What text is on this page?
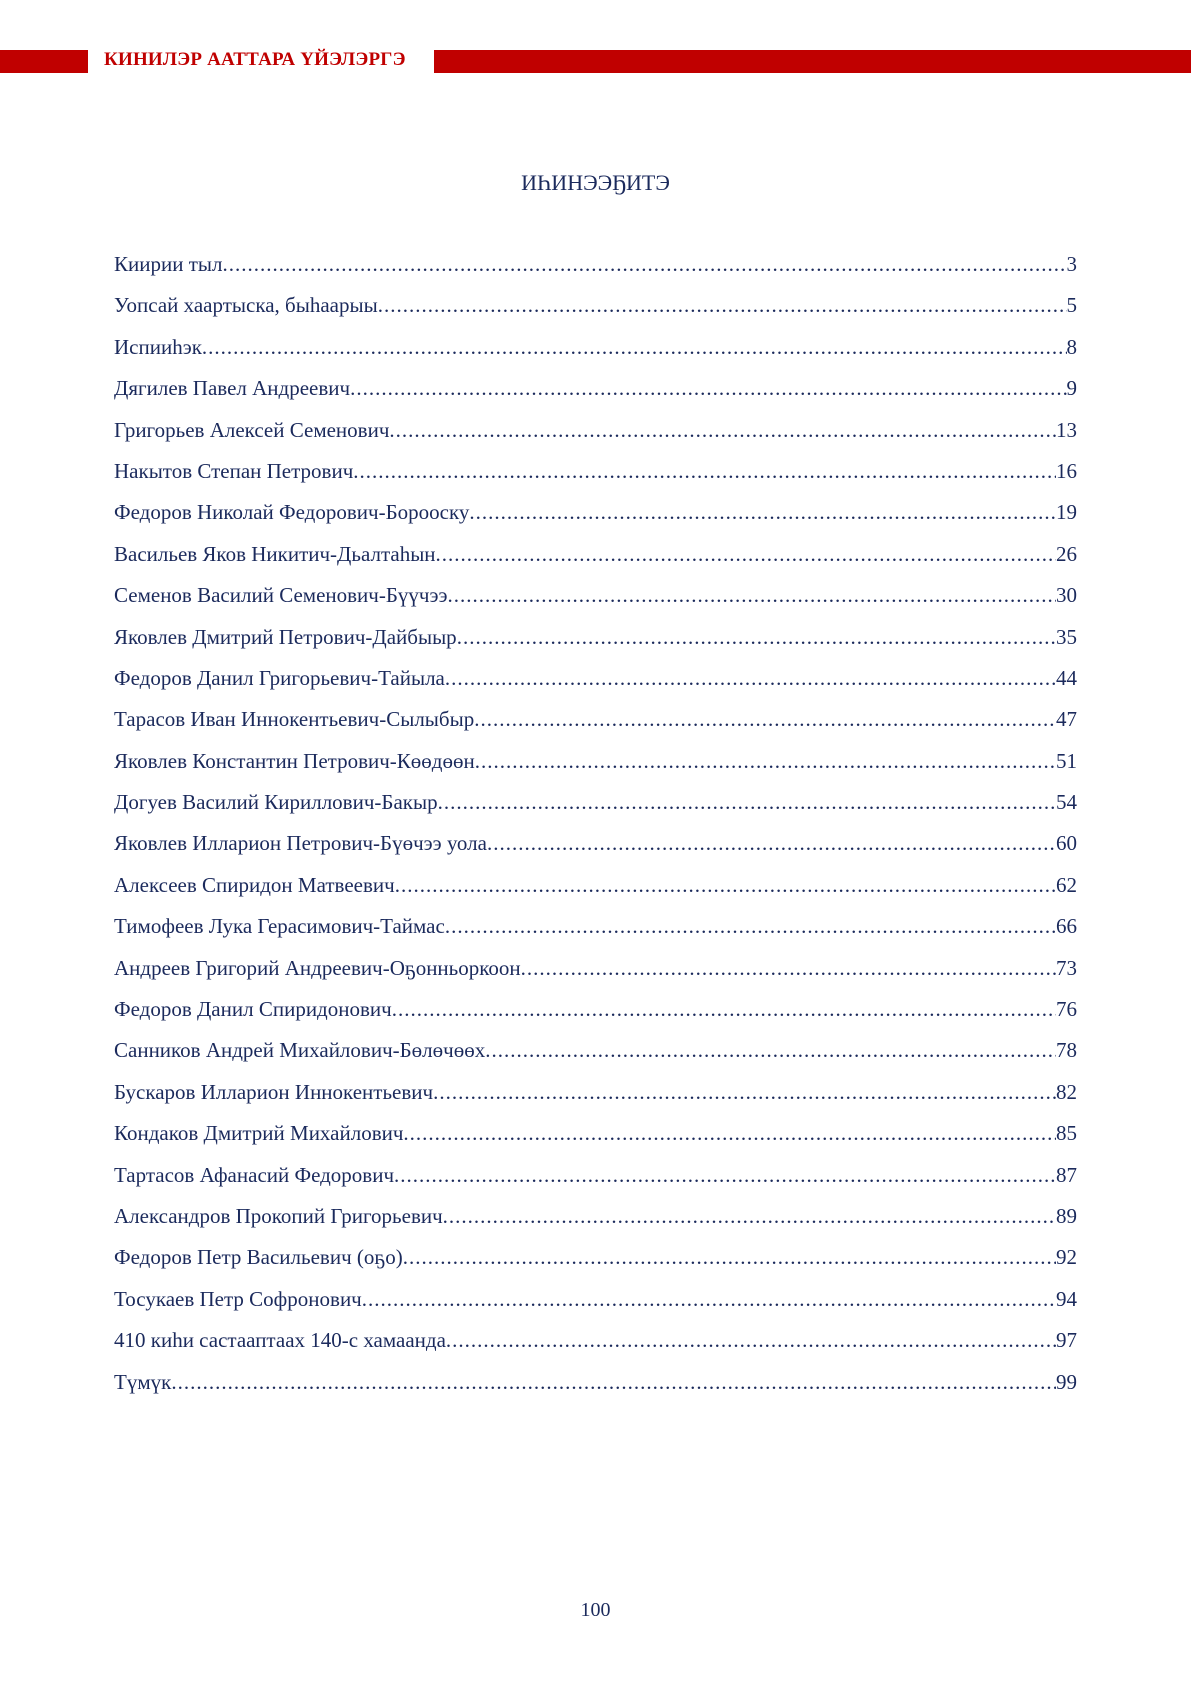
КИНИЛЭР ААТТАРА ҮЙЭЛЭРГЭ
ИҺИНЭЭҔИТЭ
Киирии тыл .....	3
Уопсай хаартыска, быһаарыы .....	5
Испииһэк .....	8
Дягилев Павел Андреевич .....	9
Григорьев Алексей Семенович .....	13
Накытов Степан Петрович .....	16
Федоров Николай Федорович-Бороocку .....	19
Васильев Яков Никитич-Дьалтаһын .....	26
Семенов Василий Семенович-Бүүчээ .....	30
Яковлев Дмитрий Петрович-Дайбыыр .....	35
Федоров Данил Григорьевич-Тайыла .....	44
Тарасов Иван Иннокентьевич-Сылыбыр .....	47
Яковлев Константин Петрович-Көөдөөн .....	51
Догуев Василий Кириллович-Бакыр .....	54
Яковлев Илларион Петрович-Бүөчээ уола .....	60
Алексеев Спиридон Матвеевич .....	62
Тимофеев Лука Герасимович-Таймас .....	66
Андреев Григорий Андреевич-Оҕонньоркоон .....	73
Федоров Данил Спиридонович .....	76
Санников Андрей Михайлович-Бөлөчөөх .....	78
Бускаров Илларион Иннокентьевич .....	82
Кондаков Дмитрий Михайлович .....	85
Тартасов Афанасий Федорович .....	87
Александров Прокопий Григорьевич .....	89
Федоров Петр Васильевич (оҕо) .....	92
Тосукаев Петр Софронович .....	94
410 киһи састааптаах 140-с хамаанда .....	97
Түмүк .....	99
100
